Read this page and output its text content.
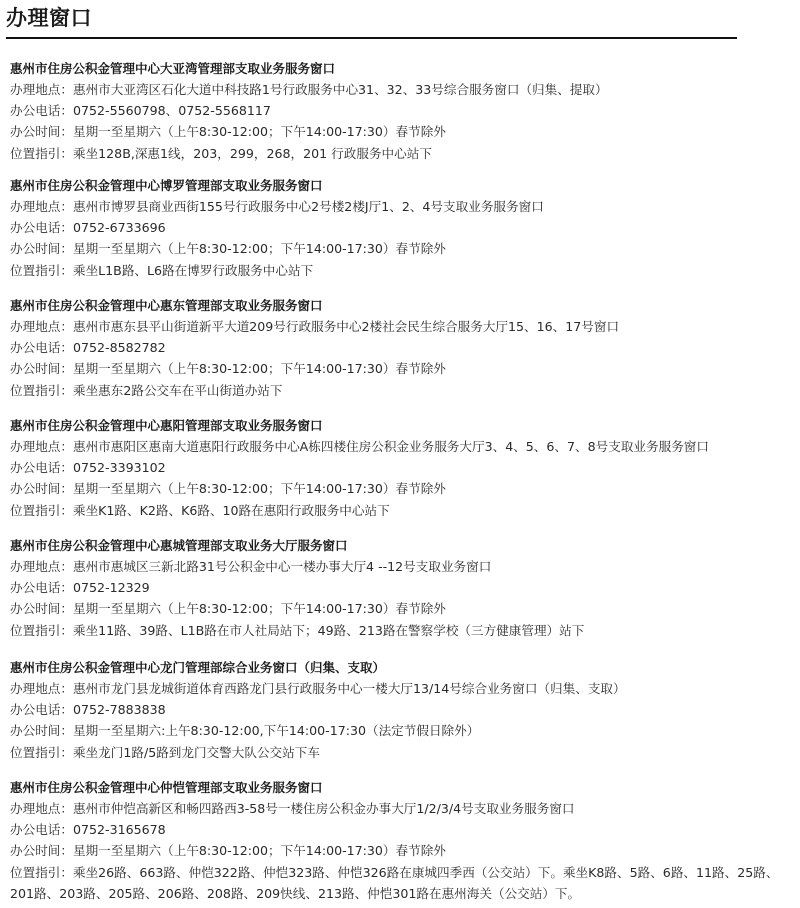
办理窗口
惠州市住房公积金管理中心大亚湾管理部支取业务服务窗口
办理地点：惠州市大亚湾区石化大道中科技路1号行政服务中心31、32、33号综合服务窗口（归集、提取）
办公电话：0752-5560798、0752-5568117
办公时间：星期一至星期六（上午8:30-12:00；下午14:00-17:30）春节除外
位置指引：乘坐128B,深惠1线，203，299，268，201 行政服务中心站下
惠州市住房公积金管理中心博罗管理部支取业务服务窗口
办理地点：惠州市博罗县商业西街155号行政服务中心2号楼2楼J厅1、2、4号支取业务服务窗口
办公电话：0752-6733696
办公时间：星期一至星期六（上午8:30-12:00；下午14:00-17:30）春节除外
位置指引：乘坐L1B路、L6路在博罗行政服务中心站下
惠州市住房公积金管理中心惠东管理部支取业务服务窗口
办理地点：惠州市惠东县平山街道新平大道209号行政服务中心2楼社会民生综合服务大厅15、16、17号窗口
办公电话：0752-8582782
办公时间：星期一至星期六（上午8:30-12:00；下午14:00-17:30）春节除外
位置指引：乘坐惠东2路公交车在平山街道办站下
惠州市住房公积金管理中心惠阳管理部支取业务服务窗口
办理地点：惠州市惠阳区惠南大道惠阳行政服务中心A栋四楼住房公积金业务服务大厅3、4、5、6、7、8号支取业务服务窗口
办公电话：0752-3393102
办公时间：星期一至星期六（上午8:30-12:00；下午14:00-17:30）春节除外
位置指引：乘坐K1路、K2路、K6路、10路在惠阳行政服务中心站下
惠州市住房公积金管理中心惠城管理部支取业务大厅服务窗口
办理地点：惠州市惠城区三新北路31号公积金中心一楼办事大厅4 --12号支取业务窗口
办公电话：0752-12329
办公时间：星期一至星期六（上午8:30-12:00；下午14:00-17:30）春节除外
位置指引：乘坐11路、39路、L1B路在市人社局站下；49路、213路在警察学校（三方健康管理）站下
惠州市住房公积金管理中心龙门管理部综合业务窗口（归集、支取）
办理地点：惠州市龙门县龙城街道体育西路龙门县行政服务中心一楼大厅13/14号综合业务窗口（归集、支取）
办公电话：0752-7883838
办公时间：星期一至星期六:上午8:30-12:00,下午14:00-17:30（法定节假日除外）
位置指引：乘坐龙门1路/5路到龙门交警大队公交站下车
惠州市住房公积金管理中心仲恺管理部支取业务服务窗口
办理地点：惠州市仲恺高新区和畅四路西3-58号一楼住房公积金办事大厅1/2/3/4号支取业务服务窗口
办公电话：0752-3165678
办公时间：星期一至星期六（上午8:30-12:00；下午14:00-17:30）春节除外
位置指引：乘坐26路、663路、仲恺322路、仲恺323路、仲恺326路在康城四季西（公交站）下。乘坐K8路、5路、6路、11路、25路、201路、203路、205路、206路、208路、209快线、213路、仲恺301路在惠州海关（公交站）下。
